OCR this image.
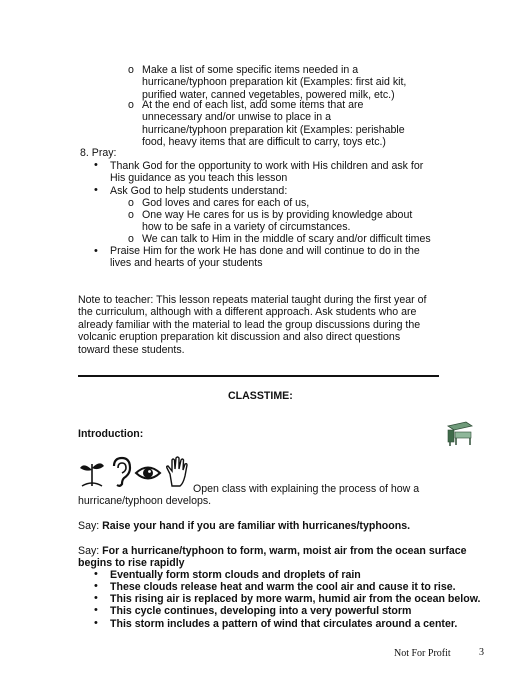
o Make a list of some specific items needed in a hurricane/typhoon preparation kit (Examples: first aid kit, purified water, canned vegetables, powered milk, etc.)
o At the end of each list, add some items that are unnecessary and/or unwise to place in a hurricane/typhoon preparation kit (Examples: perishable food, heavy items that are difficult to carry, toys etc.)
8. Pray:
• Thank God for the opportunity to work with His children and ask for His guidance as you teach this lesson
• Ask God to help students understand:
o God loves and cares for each of us,
o One way He cares for us is by providing knowledge about how to be safe in a variety of circumstances.
o We can talk to Him in the middle of scary and/or difficult times
• Praise Him for the work He has done and will continue to do in the lives and hearts of your students
Note to teacher: This lesson repeats material taught during the first year of the curriculum, although with a different approach. Ask students who are already familiar with the material to lead the group discussions during the volcanic eruption preparation kit discussion and also direct questions toward these students.
CLASSTIME:
Introduction:
Open class with explaining the process of how a
hurricane/typhoon develops.
Say: Raise your hand if you are familiar with hurricanes/typhoons.
Say: For a hurricane/typhoon to form, warm, moist air from the ocean surface begins to rise rapidly
• Eventually form storm clouds and droplets of rain
• These clouds release heat and warm the cool air and cause it to rise.
• This rising air is replaced by more warm, humid air from the ocean below.
• This cycle continues, developing into a very powerful storm
• This storm includes a pattern of wind that circulates around a center.
Not For Profit	3
